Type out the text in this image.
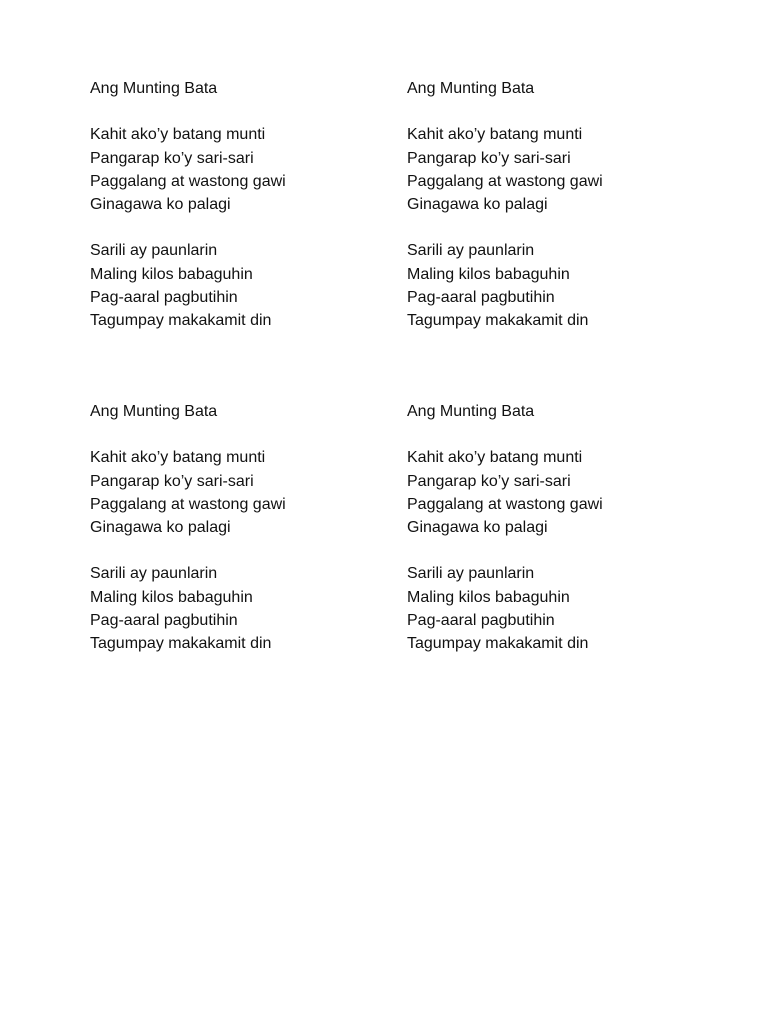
Ang Munting Bata
Kahit ako’y batang munti
Pangarap ko’y sari-sari
Paggalang at wastong gawi
Ginagawa ko palagi
Sarili ay paunlarin
Maling kilos babaguhin
Pag-aaral pagbutihin
Tagumpay makakamit din
Ang Munting Bata
Kahit ako’y batang munti
Pangarap ko’y sari-sari
Paggalang at wastong gawi
Ginagawa ko palagi
Sarili ay paunlarin
Maling kilos babaguhin
Pag-aaral pagbutihin
Tagumpay makakamit din
Ang Munting Bata
Kahit ako’y batang munti
Pangarap ko’y sari-sari
Paggalang at wastong gawi
Ginagawa ko palagi
Sarili ay paunlarin
Maling kilos babaguhin
Pag-aaral pagbutihin
Tagumpay makakamit din
Ang Munting Bata
Kahit ako’y batang munti
Pangarap ko’y sari-sari
Paggalang at wastong gawi
Ginagawa ko palagi
Sarili ay paunlarin
Maling kilos babaguhin
Pag-aaral pagbutihin
Tagumpay makakamit din
